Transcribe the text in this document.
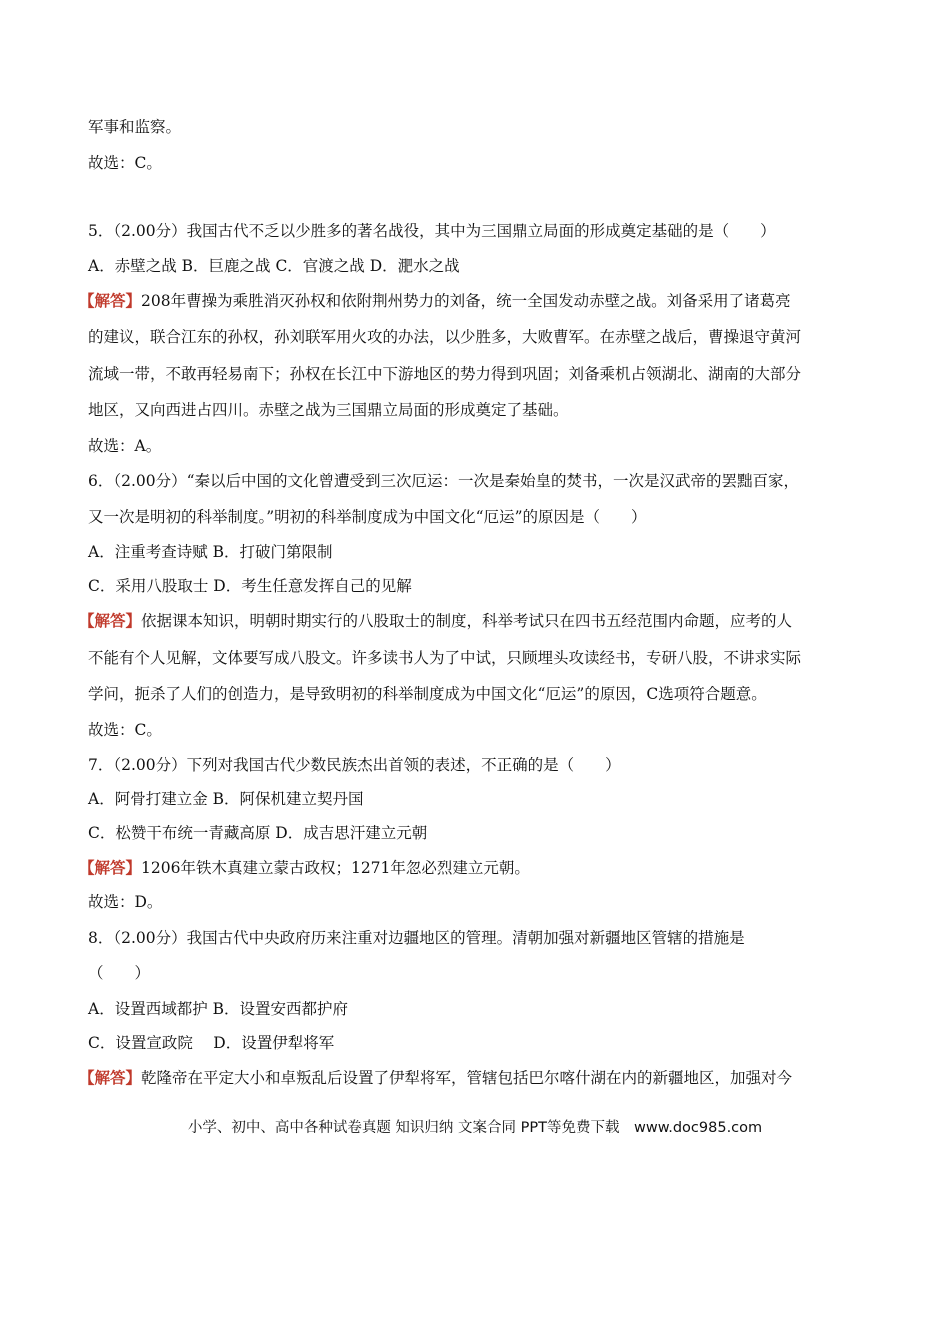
军事和监察。
故选：C。
5．（2.00分）我国古代不乏以少胜多的著名战役，其中为三国鼎立局面的形成奠定基础的是（　　）
A．赤壁之战 B．巨鹿之战 C．官渡之战 D．淝水之战
【解答】208年曹操为乘胜消灭孙权和依附荆州势力的刘备，统一全国发动赤壁之战。刘备采用了诸葛亮
的建议，联合江东的孙权，孙刘联军用火攻的办法，以少胜多，大败曹军。在赤壁之战后，曹操退守黄河
流域一带，不敢再轻易南下；孙权在长江中下游地区的势力得到巩固；刘备乘机占领湖北、湖南的大部分
地区，又向西进占四川。赤壁之战为三国鼎立局面的形成奠定了基础。
故选：A。
6．（2.00分）“秦以后中国的文化曾遭受到三次厄运：一次是秦始皇的焚书，一次是汉武帝的罢黜百家，
又一次是明初的科举制度。”明初的科举制度成为中国文化“厄运”的原因是（　　）
A．注重考查诗赋 B．打破门第限制
C．采用八股取士 D．考生任意发挥自己的见解
【解答】依据课本知识，明朝时期实行的八股取士的制度，科举考试只在四书五经范围内命题，应考的人
不能有个人见解，文体要写成八股文。许多读书人为了中试，只顾埋头攻读经书，专研八股，不讲求实际
学问，扼杀了人们的创造力，是导致明初的科举制度成为中国文化“厄运”的原因，C选项符合题意。
故选：C。
7．（2.00分）下列对我国古代少数民族杰出首领的表述，不正确的是（　　）
A．阿骨打建立金 B．阿保机建立契丹国
C．松赞干布统一青藏高原 D．成吉思汗建立元朝
【解答】1206年铁木真建立蒙古政权；1271年忽必烈建立元朝。
故选：D。
8．（2.00分）我国古代中央政府历来注重对边疆地区的管理。清朝加强对新疆地区管辖的措施是
（　　）
A．设置西域都护 B．设置安西都护府
C．设置宣政院　 D．设置伊犁将军
【解答】乾隆帝在平定大小和卓叛乱后设置了伊犁将军，管辖包括巴尔喀什湖在内的新疆地区，加强对今
小学、初中、高中各种试卷真题 知识归纳 文案合同 PPT等免费下载　www.doc985.com
